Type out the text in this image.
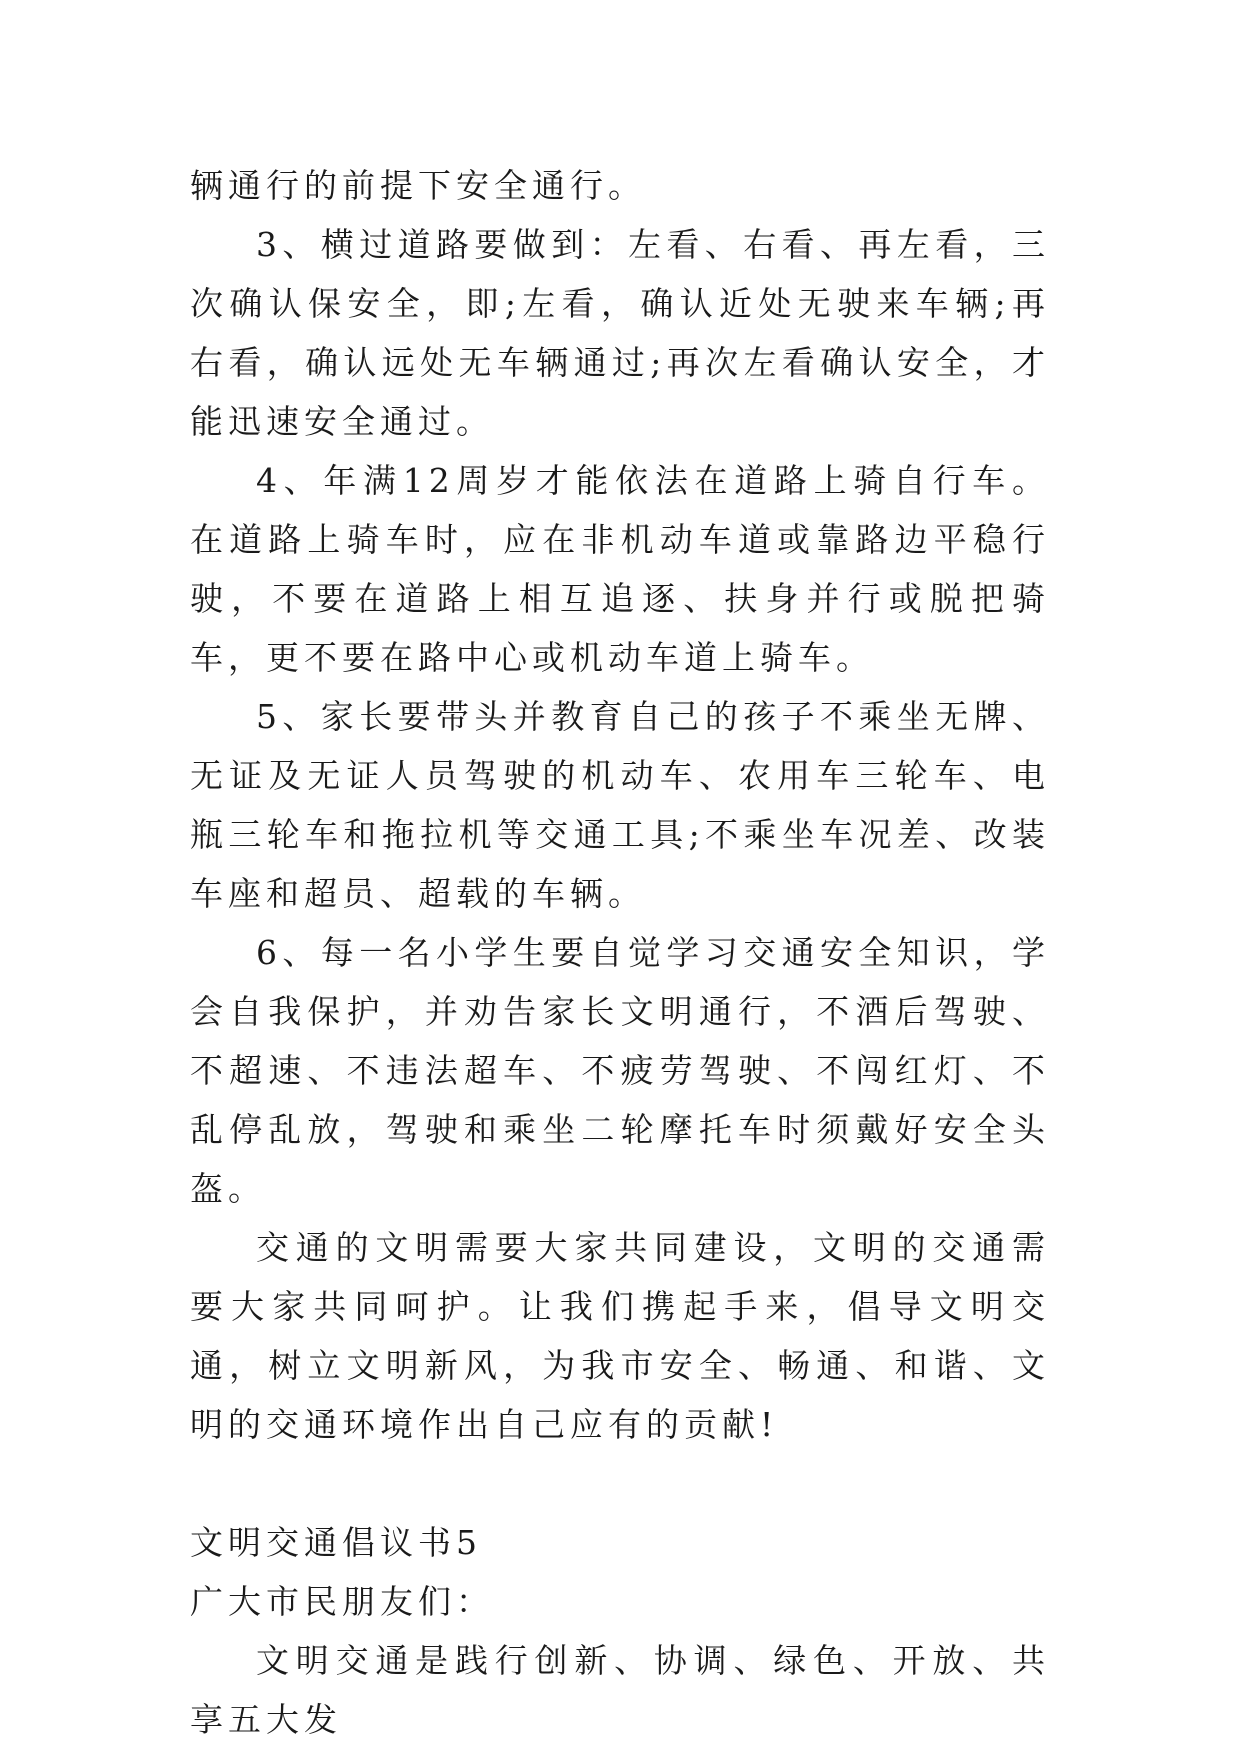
辆通行的前提下安全通行。

3、横过道路要做到：左看、右看、再左看，三次确认保安全，即;左看，确认近处无驶来车辆;再右看，确认远处无车辆通过;再次左看确认安全，才能迅速安全通过。

4、年满12周岁才能依法在道路上骑自行车。在道路上骑车时，应在非机动车道或靠路边平稳行驶，不要在道路上相互追逐、扶身并行或脱把骑车，更不要在路中心或机动车道上骑车。

5、家长要带头并教育自己的孩子不乘坐无牌、无证及无证人员驾驶的机动车、农用车三轮车、电瓶三轮车和拖拉机等交通工具;不乘坐车况差、改装车座和超员、超载的车辆。

6、每一名小学生要自觉学习交通安全知识，学会自我保护，并劝告家长文明通行，不酒后驾驶、不超速、不违法超车、不疲劳驾驶、不闯红灯、不乱停乱放，驾驶和乘坐二轮摩托车时须戴好安全头盔。

交通的文明需要大家共同建设，文明的交通需要大家共同呵护。让我们携起手来，倡导文明交通，树立文明新风，为我市安全、畅通、和谐、文明的交通环境作出自己应有的贡献!

文明交通倡议书5

广大市民朋友们：

文明交通是践行创新、协调、绿色、开放、共享五大发
